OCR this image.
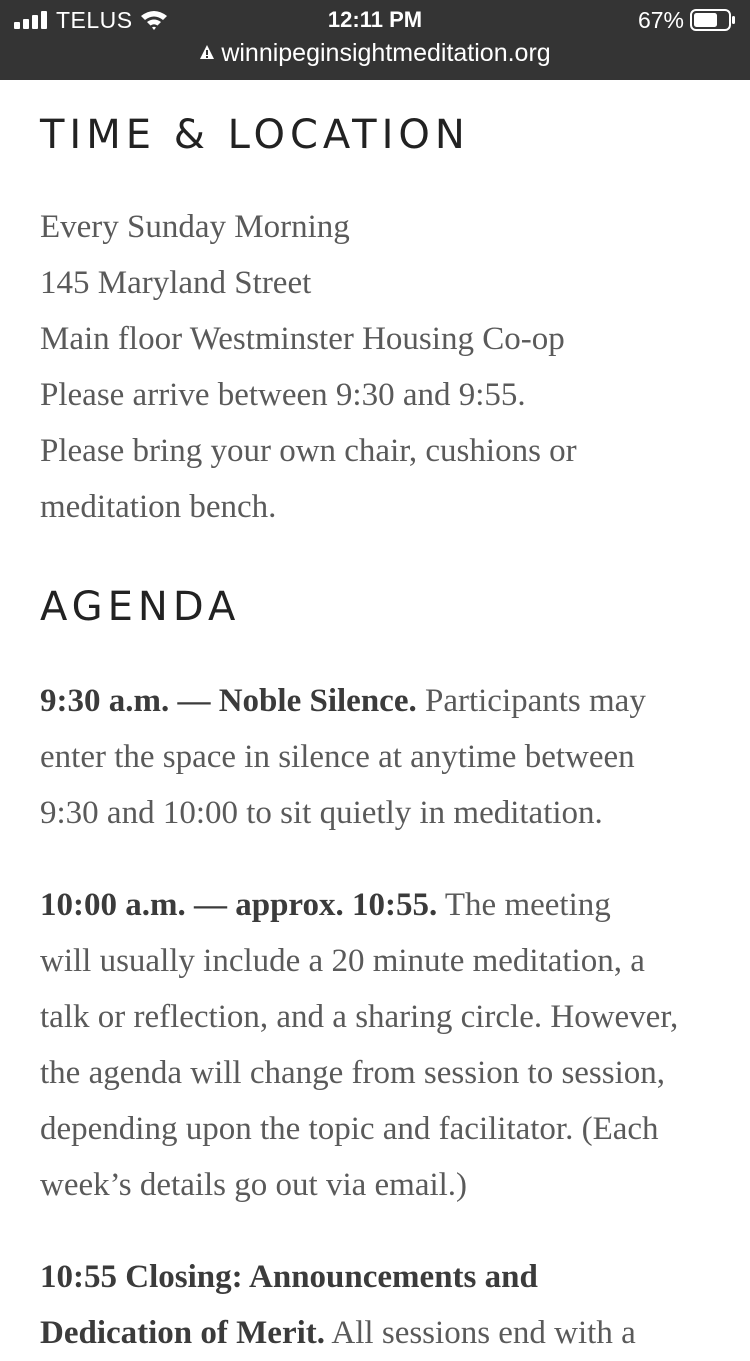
TELUS	12:11 PM	67%
winnipeginsightmeditation.org
TIME & LOCATION
Every Sunday Morning
145 Maryland Street
Main floor Westminster Housing Co-op
Please arrive between 9:30 and 9:55.
Please bring your own chair, cushions or
meditation bench.
AGENDA

9:30 a.m. — Noble Silence. Participants may
enter the space in silence at anytime between
9:30 and 10:00 to sit quietly in meditation.

10:00 a.m. — approx. 10:55. The meeting
will usually include a 20 minute meditation, a
talk or reflection, and a sharing circle. However,
the agenda will change from session to session,
depending upon the topic and facilitator. (Each
week’s details go out via email.)

10:55 Closing: Announcements and
Dedication of Merit. All sessions end with a
